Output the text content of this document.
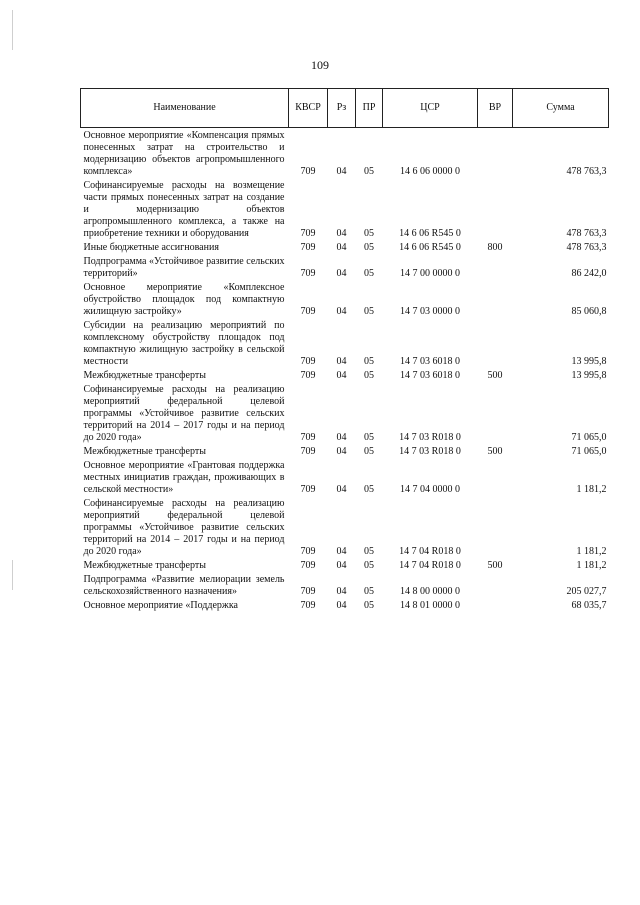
109
Наименование	КВСР	Рз	ПР	ЦСР	ВР	Сумма
Основное мероприятие «Компенсация прямых понесенных затрат на строительство и модернизацию объектов агропромышленного комплекса»	709	04	05	14 6 06 0000 0		478 763,3
Софинансируемые расходы на возмещение части прямых понесенных затрат на создание и модернизацию объектов агропромышленного комплекса, а также на приобретение техники и оборудования	709	04	05	14 6 06 R545 0		478 763,3
Иные бюджетные ассигнования	709	04	05	14 6 06 R545 0	800	478 763,3
Подпрограмма «Устойчивое развитие сельских территорий»	709	04	05	14 7 00 0000 0		86 242,0
Основное мероприятие «Комплексное обустройство площадок под компактную жилищную застройку»	709	04	05	14 7 03 0000 0		85 060,8
Субсидии на реализацию мероприятий по комплексному обустройству площадок под компактную жилищную застройку в сельской местности	709	04	05	14 7 03 6018 0		13 995,8
Межбюджетные трансферты	709	04	05	14 7 03 6018 0	500	13 995,8
Софинансируемые расходы на реализацию мероприятий федеральной целевой программы «Устойчивое развитие сельских территорий на 2014 – 2017 годы и на период до 2020 года»	709	04	05	14 7 03 R018 0		71 065,0
Межбюджетные трансферты	709	04	05	14 7 03 R018 0	500	71 065,0
Основное мероприятие «Грантовая поддержка местных инициатив граждан, проживающих в сельской местности»	709	04	05	14 7 04 0000 0		1 181,2
Софинансируемые расходы на реализацию мероприятий федеральной целевой программы «Устойчивое развитие сельских территорий на 2014 – 2017 годы и на период до 2020 года»	709	04	05	14 7 04 R018 0		1 181,2
Межбюджетные трансферты	709	04	05	14 7 04 R018 0	500	1 181,2
Подпрограмма «Развитие мелиорации земель сельскохозяйственного назначения»	709	04	05	14 8 00 0000 0		205 027,7
Основное мероприятие «Поддержка	709	04	05	14 8 01 0000 0		68 035,7
